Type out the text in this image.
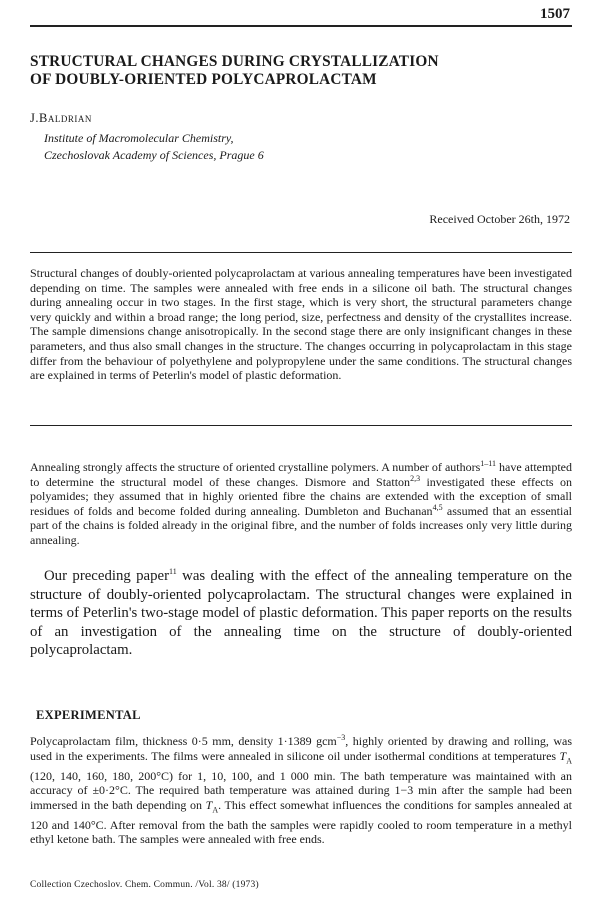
1507
STRUCTURAL CHANGES DURING CRYSTALLIZATION
OF DOUBLY-ORIENTED POLYCAPROLACTAM
J.Baldrian
Institute of Macromolecular Chemistry,
Czechoslovak Academy of Sciences, Prague 6
Received October 26th, 1972
Structural changes of doubly-oriented polycaprolactam at various annealing temperatures have been investigated depending on time. The samples were annealed with free ends in a silicone oil bath. The structural changes during annealing occur in two stages. In the first stage, which is very short, the structural parameters change very quickly and within a broad range; the long period, size, perfectness and density of the crystallites increase. The sample dimensions change anisotropically. In the second stage there are only insignificant changes in these parameters, and thus also small changes in the structure. The changes occurring in polycaprolactam in this stage differ from the behaviour of polyethylene and polypropylene under the same conditions. The structural changes are explained in terms of Peterlin's model of plastic deformation.

Annealing strongly affects the structure of oriented crystalline polymers. A number of authors$^{1-11}$ have attempted to determine the structural model of these changes. Dismore and Statton$^{2,3}$ investigated these effects on polyamides; they assumed that in highly oriented fibre the chains are extended with the exception of small residues of folds and become folded during annealing. Dumbleton and Buchanan$^{4,5}$ assumed that an essential part of the chains is folded already in the original fibre, and the number of folds increases only very little during annealing.

Our preceding paper$^{11}$ was dealing with the effect of the annealing temperature on the structure of doubly-oriented polycaprolactam. The structural changes were explained in terms of Peterlin's two-stage model of plastic deformation. This paper reports on the results of an investigation of the annealing time on the structure of doubly-oriented polycaprolactam.

EXPERIMENTAL

Polycaprolactam film, thickness 0·5 mm, density 1·1389 gcm$^{-3}$, highly oriented by drawing and rolling, was used in the experiments. The films were annealed in silicone oil under isothermal conditions at temperatures $T_A$ (120, 140, 160, 180, 200°C) for 1, 10, 100, and 1 000 min. The bath temperature was maintained with an accuracy of ±0·2°C. The required bath temperature was attained during 1−3 min after the sample had been immersed in the bath depending on $T_A$. This effect somewhat influences the conditions for samples annealed at 120 and 140°C. After removal from the bath the samples were rapidly cooled to room temperature in a methyl ethyl ketone bath. The samples were annealed with free ends.

Collection Czechoslov. Chem. Commun. /Vol. 38/ (1973)
